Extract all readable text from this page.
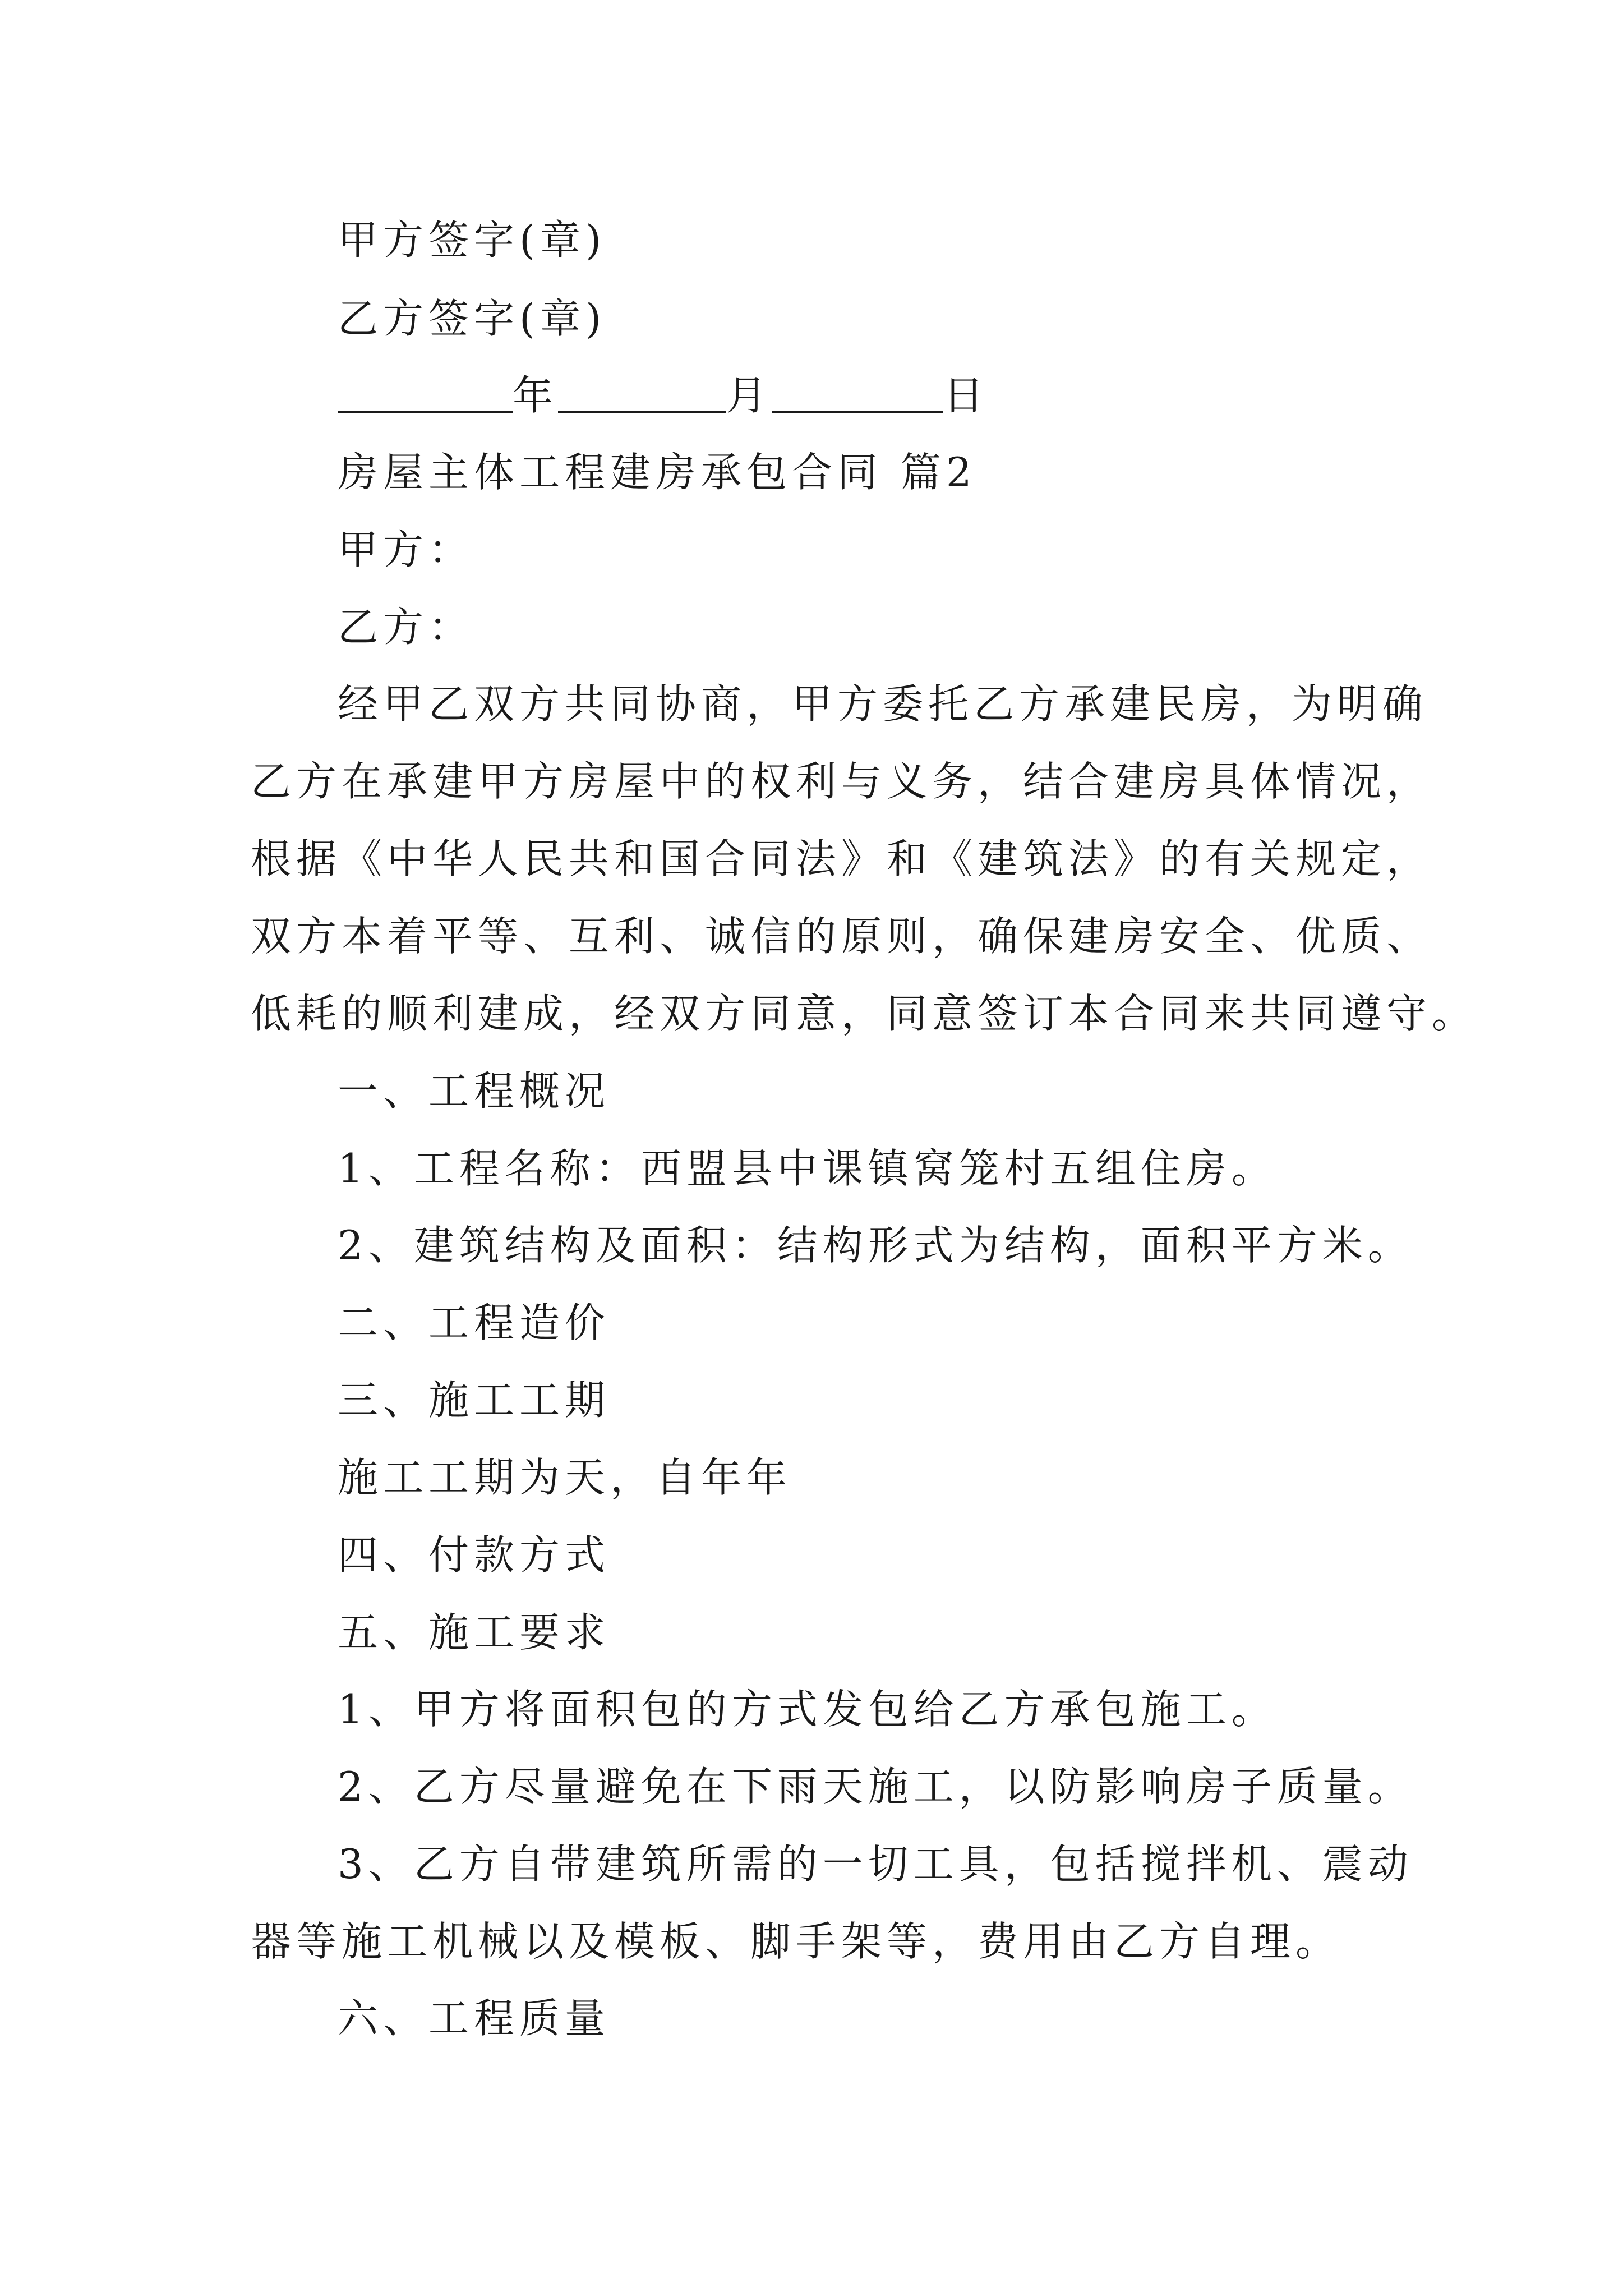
甲方签字(章)
乙方签字(章)
年	月	日
房屋主体工程建房承包合同 篇2
甲方：
乙方：
经甲乙双方共同协商，甲方委托乙方承建民房，为明确
乙方在承建甲方房屋中的权利与义务，结合建房具体情况，
根据《中华人民共和国合同法》和《建筑法》的有关规定，
双方本着平等、互利、诚信的原则，确保建房安全、优质、
低耗的顺利建成，经双方同意，同意签订本合同来共同遵守。
一、工程概况
1、工程名称：西盟县中课镇窝笼村五组住房。
2、建筑结构及面积：结构形式为结构，面积平方米。
二、工程造价
三、施工工期
施工工期为天，自年年
四、付款方式
五、施工要求
1、甲方将面积包的方式发包给乙方承包施工。
2、乙方尽量避免在下雨天施工，以防影响房子质量。
3、乙方自带建筑所需的一切工具，包括搅拌机、震动
器等施工机械以及模板、脚手架等，费用由乙方自理。
六、工程质量
